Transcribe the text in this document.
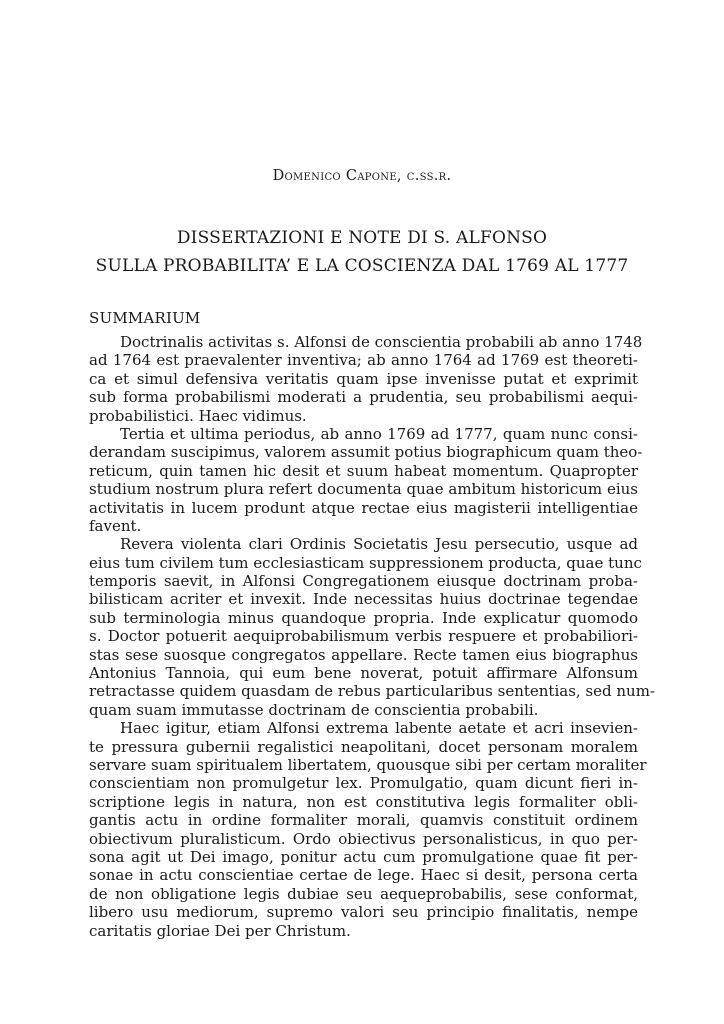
Domenico Capone, c.ss.r.
DISSERTAZIONI E NOTE DI S. ALFONSO
SULLA PROBABILITA’ E LA COSCIENZA DAL 1769 AL 1777
SUMMARIUM
Doctrinalis activitas s. Alfonsi de conscientia probabili ab anno 1748
ad 1764 est praevalenter inventiva; ab anno 1764 ad 1769 est theoreti-
ca et simul defensiva veritatis quam ipse invenisse putat et exprimit
sub forma probabilismi moderati a prudentia, seu probabilismi aequi-
probabilistici. Haec vidimus.
Tertia et ultima periodus, ab anno 1769 ad 1777, quam nunc consi-
derandam suscipimus, valorem assumit potius biographicum quam theo-
reticum, quin tamen hic desit et suum habeat momentum. Quapropter
studium nostrum plura refert documenta quae ambitum historicum eius
activitatis in lucem produnt atque rectae eius magisterii intelligentiae
favent.
Revera violenta clari Ordinis Societatis Jesu persecutio, usque ad
eius tum civilem tum ecclesiasticam suppressionem producta, quae tunc
temporis saevit, in Alfonsi Congregationem eiusque doctrinam proba-
bilisticam acriter et invexit. Inde necessitas huius doctrinae tegendae
sub terminologia minus quandoque propria. Inde explicatur quomodo
s. Doctor potuerit aequiprobabilismum verbis respuere et probabiliori-
stas sese suosque congregatos appellare. Recte tamen eius biographus
Antonius Tannoia, qui eum bene noverat, potuit affirmare Alfonsum
retractasse quidem quasdam de rebus particularibus sententias, sed num-
quam suam immutasse doctrinam de conscientia probabili.
Haec igitur, etiam Alfonsi extrema labente aetate et acri insevien-
te pressura gubernii regalistici neapolitani, docet personam moralem
servare suam spiritualem libertatem, quousque sibi per certam moraliter
conscientiam non promulgetur lex. Promulgatio, quam dicunt fieri in-
scriptione legis in natura, non est constitutiva legis formaliter obli-
gantis actu in ordine formaliter morali, quamvis constituit ordinem
obiectivum pluralisticum. Ordo obiectivus personalisticus, in quo per-
sona agit ut Dei imago, ponitur actu cum promulgatione quae fit per-
sonae in actu conscientiae certae de lege. Haec si desit, persona certa
de non obligatione legis dubiae seu aequeprobabilis, sese conformat,
libero usu mediorum, supremo valori seu principio finalitatis, nempe
caritatis gloriae Dei per Christum.
